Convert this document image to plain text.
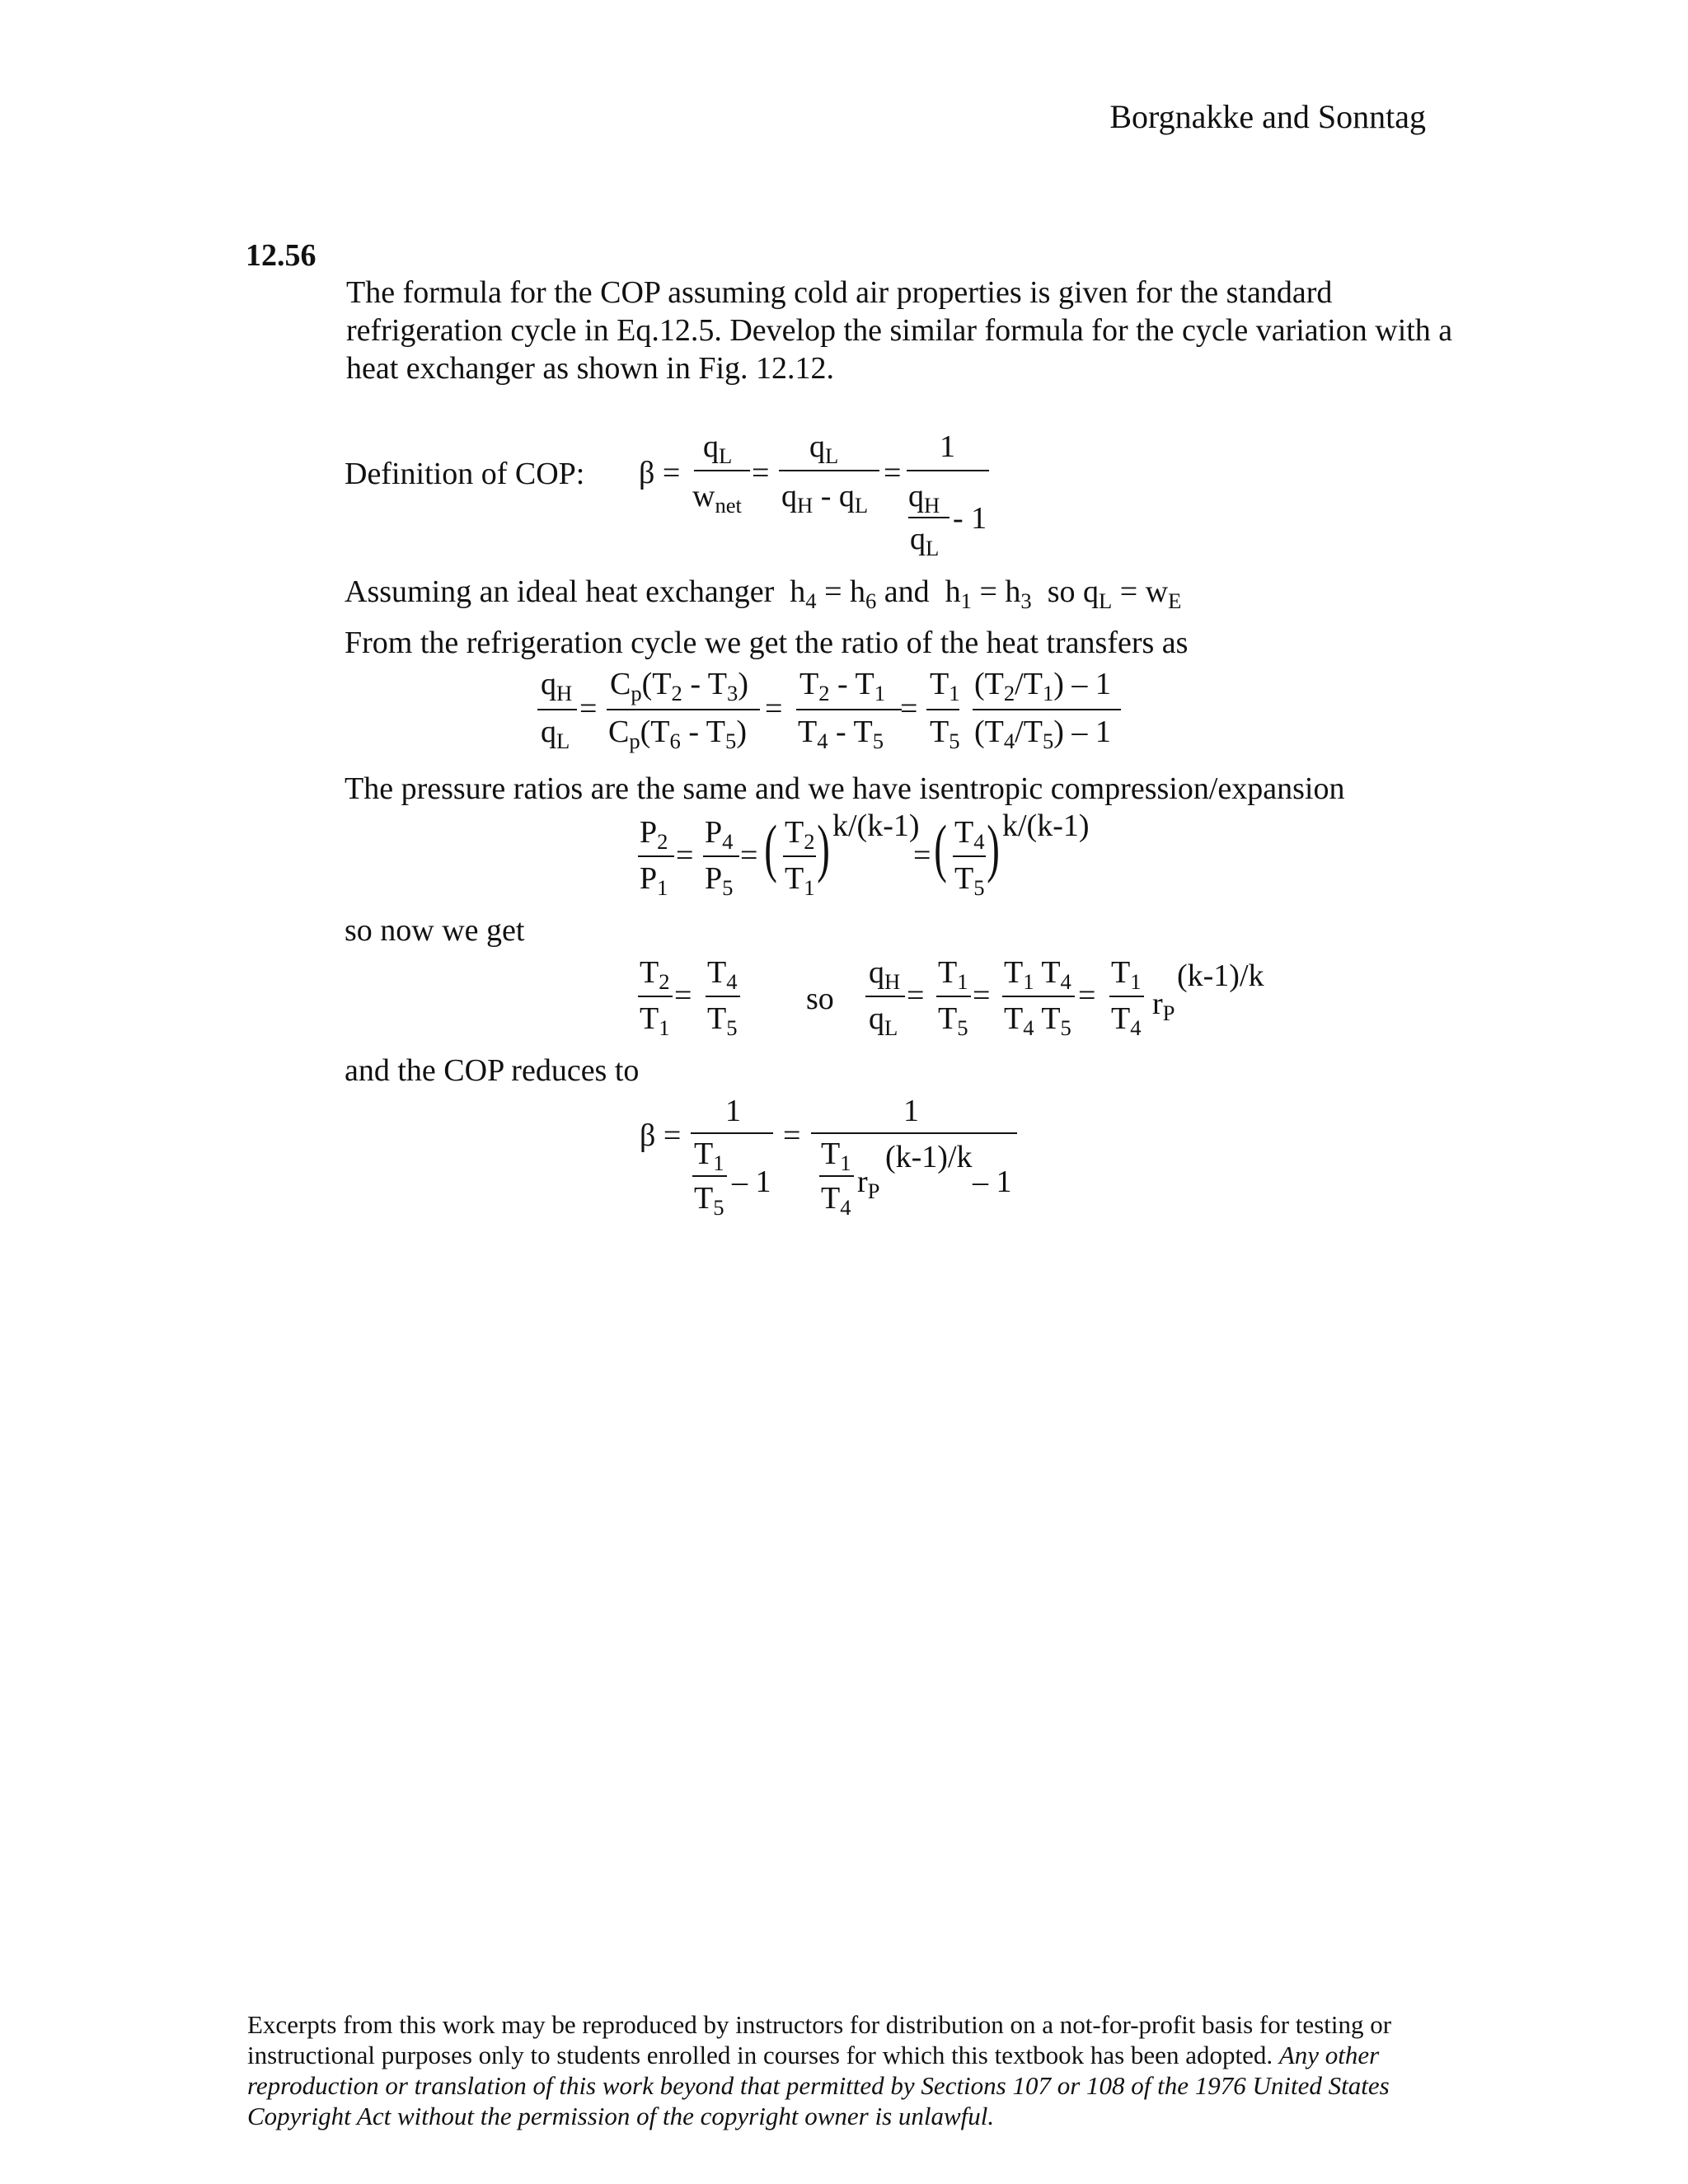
Borgnakke and Sonntag
12.56
The formula for the COP assuming cold air properties is given for the standard refrigeration cycle in Eq.12.5. Develop the similar formula for the cycle variation with a heat exchanger as shown in Fig. 12.12.
Definition of COP: β =
$q_L$
$w_{net}$
=
$q_L$
$q_H - q_L$
=
1
$q_H - 1$
$q_L$
Assuming an ideal heat exchanger  $h_4 = h_6$ and  $h_1 = h_3$  so $q_L = w_E$
From the refrigeration cycle we get the ratio of the heat transfers as
$q_H$
$q_L$
=
$C_p(T_2 - T_3)$
$C_p(T_6 - T_5)$
=
$T_2 - T_1$
$T_4 - T_5$
=
$T_1$
$T_5$
$(T_2/T_1) - 1$
$(T_4/T_5) - 1$
The pressure ratios are the same and we have isentropic compression/expansion
$P_2$
$P_1$
=
$P_4$
$P_5$
= ( $T_2$
$T_1$
) k/(k-1)
= ( $T_4$
$T_5$
) k/(k-1)
so now we get
$T_2$
$T_1$
=
$T_4$
$T_5$
so
$q_H$
$q_L$
=
$T_1$
$T_5$
=
$T_1$ $T_4$
$T_4$ $T_5$
=
$T_1$
$T_4$
$r_P$
(k-1)/k
and the COP reduces to
β =
1
$T_1$
– 1
$T_5$
=
1
$T_1$
$T_4$
$r_P$
(k-1)/k
– 1
Excerpts from this work may be reproduced by instructors for distribution on a not-for-profit basis for testing or instructional purposes only to students enrolled in courses for which this textbook has been adopted. Any other reproduction or translation of this work beyond that permitted by Sections 107 or 108 of the 1976 United States Copyright Act without the permission of the copyright owner is unlawful.
